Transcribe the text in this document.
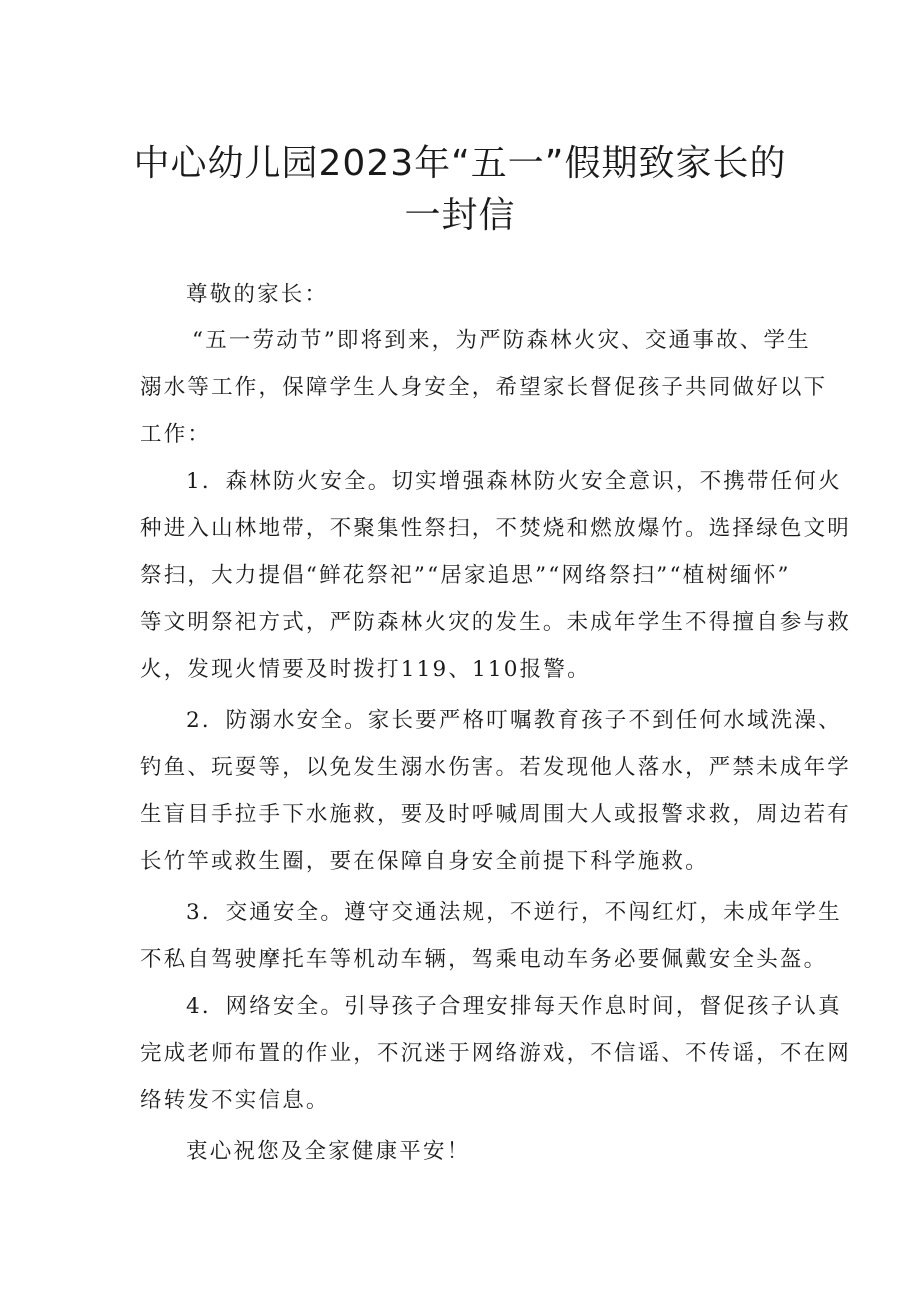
中心幼儿园2023年“五一”假期致家长的
一封信

尊敬的家长：

“五一劳动节”即将到来，为严防森林火灾、交通事故、学生

溺水等工作，保障学生人身安全，希望家长督促孩子共同做好以下

工作：

1．森林防火安全。切实增强森林防火安全意识，不携带任何火

种进入山林地带，不聚集性祭扫，不焚烧和燃放爆竹。选择绿色文明

祭扫，大力提倡“鲜花祭祀”“居家追思”“网络祭扫”“植树缅怀”

等文明祭祀方式，严防森林火灾的发生。未成年学生不得擅自参与救

火，发现火情要及时拨打119、110报警。

2．防溺水安全。家长要严格叮嘱教育孩子不到任何水域洗澡、

钓鱼、玩耍等，以免发生溺水伤害。若发现他人落水，严禁未成年学

生盲目手拉手下水施救，要及时呼喊周围大人或报警求救，周边若有

长竹竿或救生圈，要在保障自身安全前提下科学施救。

3．交通安全。遵守交通法规，不逆行，不闯红灯，未成年学生

不私自驾驶摩托车等机动车辆，驾乘电动车务必要佩戴安全头盔。

4．网络安全。引导孩子合理安排每天作息时间，督促孩子认真

完成老师布置的作业，不沉迷于网络游戏，不信谣、不传谣，不在网

络转发不实信息。

衷心祝您及全家健康平安！
